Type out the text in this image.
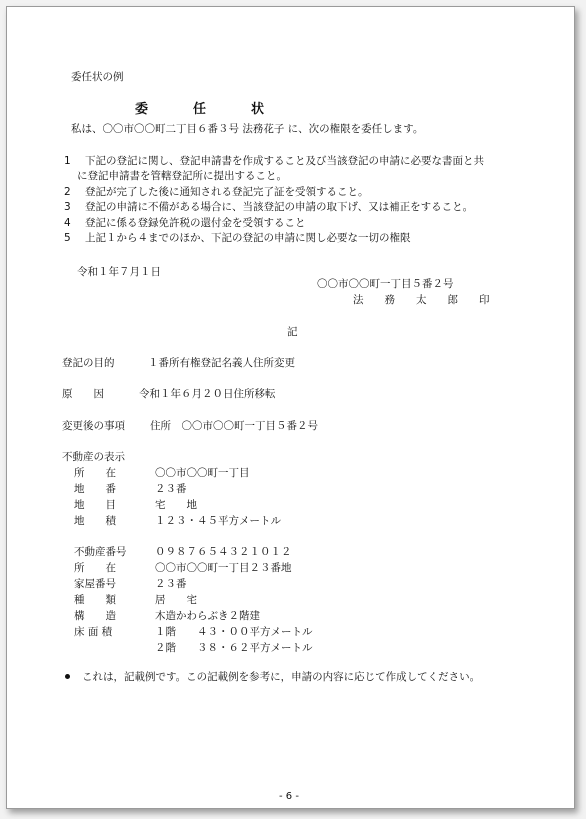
委任状の例
委　任　状
私は、〇〇市〇〇町二丁目６番３号 法務花子 に、次の権限を委任します。
1 下記の登記に関し、登記申請書を作成すること及び当該登記の申請に必要な書面と共
に登記申請書を管轄登記所に提出すること。
2 登記が完了した後に通知される登記完了証を受領すること。
3 登記の申請に不備がある場合に、当該登記の申請の取下げ、又は補正をすること。
4 登記に係る登録免許税の還付金を受領すること
5 上記１から４までのほか、下記の登記の申請に関し必要な一切の権限
令和１年７月１日
〇〇市〇〇町一丁目５番２号
法　　務　　太　　郎　　印
記
登記の目的	１番所有権登記名義人住所変更
原　　因	令和１年６月２０日住所移転
変更後の事項 住所　〇〇市〇〇町一丁目５番２号
不動産の表示
所　　在	〇〇市〇〇町一丁目
地　　番	２３番
地　　目	宅　　地
地　　積	１２３・４５平方メートル
不動産番号	０９８７６５４３２１０１２
所　　在	〇〇市〇〇町一丁目２３番地
家屋番号	２３番
種　　類	居　　宅
構　　造	木造かわらぶき２階建
床 面 積	１階　　４３・００平方メートル
２階　　３８・６２平方メートル
これは，記載例です。この記載例を参考に，申請の内容に応じて作成してください。
- 6 -
